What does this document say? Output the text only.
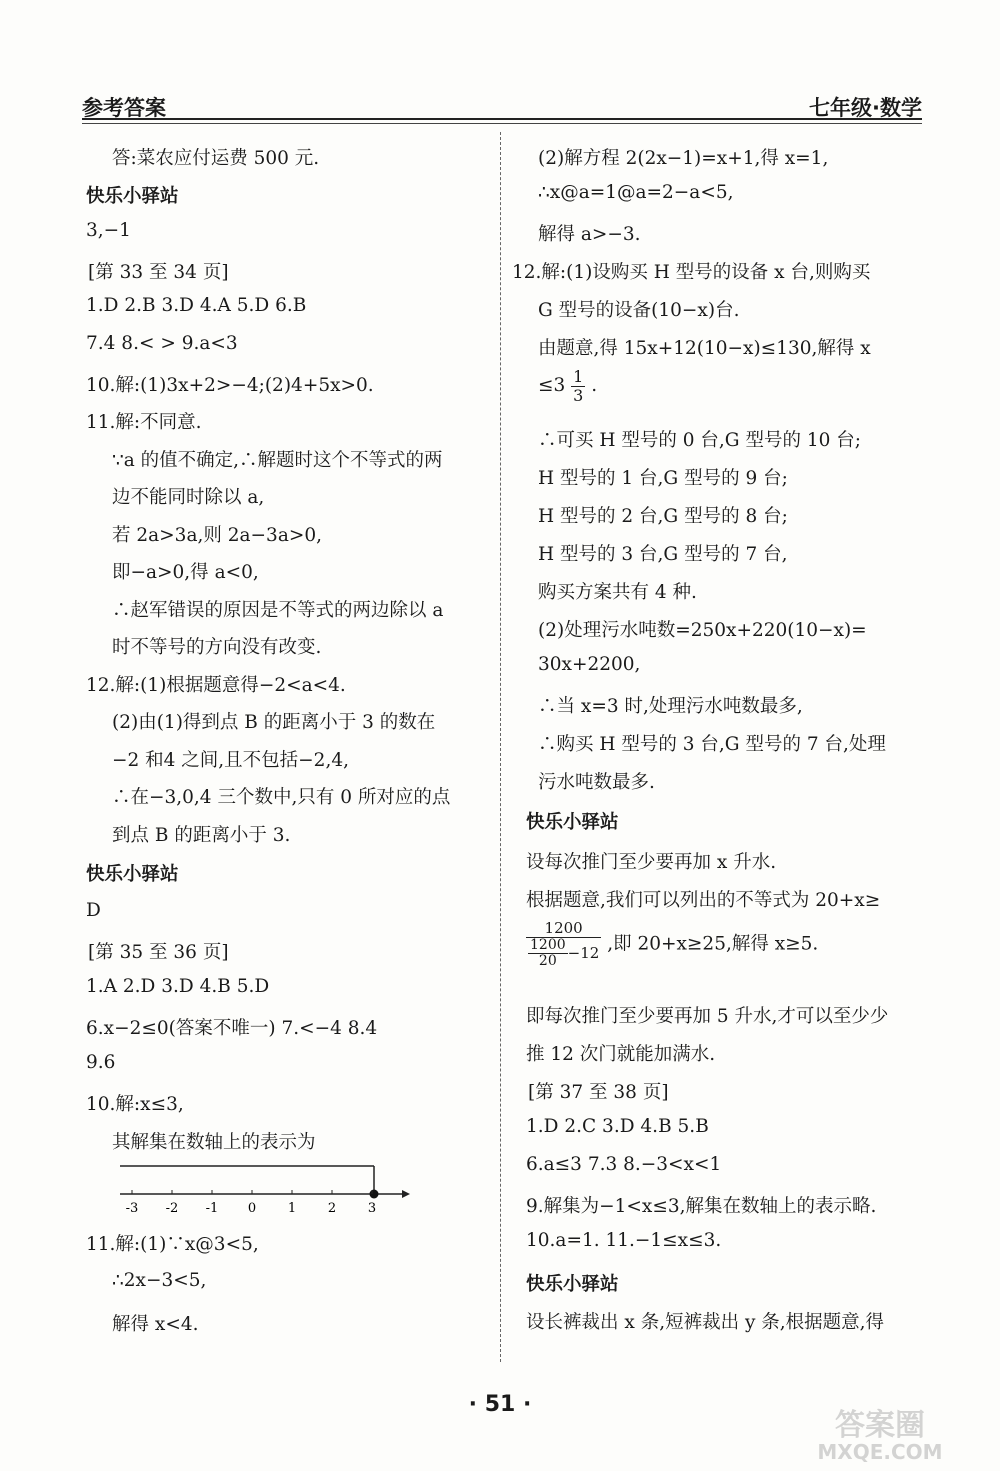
参考答案	七年级·数学
答:菜农应付运费 500 元.
快乐小驿站
3,−1
[第 33 至 34 页]
1.D 2.B 3.D 4.A 5.D 6.B
7.4 8.< > 9.a<3
10.解:(1)3x+2>−4;(2)4+5x>0.
11.解:不同意.
∵a 的值不确定,∴解题时这个不等式的两
边不能同时除以 a,
若 2a>3a,则 2a−3a>0,
即−a>0,得 a<0,
∴赵军错误的原因是不等式的两边除以 a
时不等号的方向没有改变.
12.解:(1)根据题意得−2<a<4.
(2)由(1)得到点 B 的距离小于 3 的数在
−2 和4 之间,且不包括−2,4,
∴在−3,0,4 三个数中,只有 0 所对应的点
到点 B 的距离小于 3.
快乐小驿站
D
[第 35 至 36 页]
1.A 2.D 3.D 4.B 5.D
6.x−2≤0(答案不唯一) 7.<−4 8.4
9.6
10.解:x≤3,
其解集在数轴上的表示为
11.解:(1)∵x@3<5,
∴2x−3<5,
解得 x<4.
-3 -2 -1 0 1 2 3
(2)解方程 2(2x−1)=x+1,得 x=1,
∴x@a=1@a=2−a<5,
解得 a>−3.
12.解:(1)设购买 H 型号的设备 x 台,则购买
G 型号的设备(10−x)台.
由题意,得 15x+12(10−x)≤130,解得 x
$\le 3 \frac{1}{3}$ .
∴可买 H 型号的 0 台,G 型号的 10 台;
H 型号的 1 台,G 型号的 9 台;
H 型号的 2 台,G 型号的 8 台;
H 型号的 3 台,G 型号的 7 台,
购买方案共有 4 种.
(2)处理污水吨数=250x+220(10−x)=
30x+2200,
∴当 x=3 时,处理污水吨数最多,
∴购买 H 型号的 3 台,G 型号的 7 台,处理
污水吨数最多.
快乐小驿站
设每次推门至少要再加 x 升水.
根据题意,我们可以列出的不等式为 20+x≥
$\frac{1200}{\frac{1200}{20} -12}$ ,即 20+x≥25,解得 x≥5.
即每次推门至少要再加 5 升水,才可以至少少
推 12 次门就能加满水.
[第 37 至 38 页]
1.D 2.C 3.D 4.B 5.B
6.a≤3 7.3 8.−3<x<1
9.解集为−1<x≤3,解集在数轴上的表示略.
10.a=1. 11.−1≤x≤3.
快乐小驿站
设长裤裁出 x 条,短裤裁出 y 条,根据题意,得
· 51 ·
答案圈
MXQE.COM
